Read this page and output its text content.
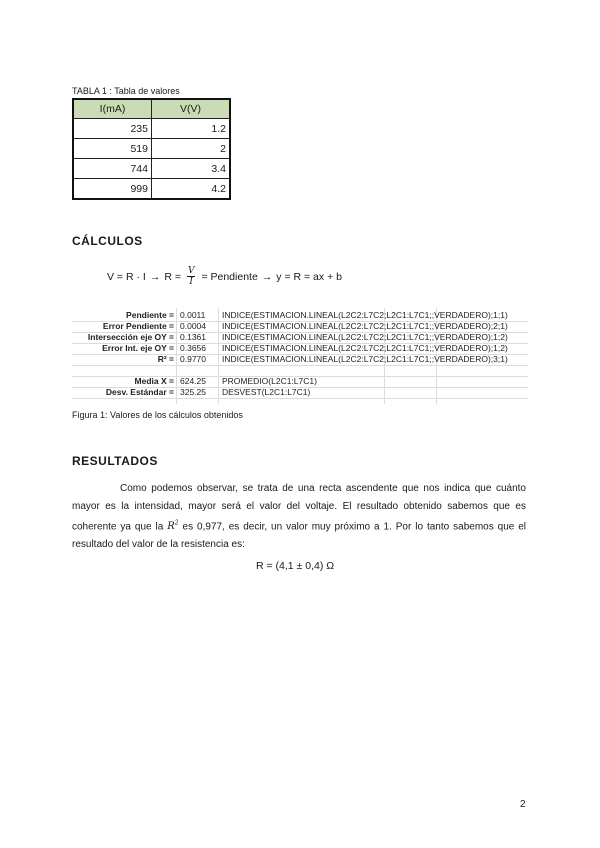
TABLA 1 : Tabla de valores
I(mA)	V(V)
235	1.2
519	2
744	3.4
999	4.2
CÁLCULOS
$V = R \cdot I \to R = \frac{V}{I}$ = Pendiente → y = R = ax + b
Pendiente = 0.0011 INDICE(ESTIMACION.LINEAL(L2C2:L7C2;L2C1:L7C1;;VERDADERO);1;1)
Error Pendiente = 0.0004 INDICE(ESTIMACION.LINEAL(L2C2:L7C2;L2C1:L7C1;;VERDADERO);2;1)
Intersección eje OY = 0.1361 INDICE(ESTIMACION.LINEAL(L2C2:L7C2;L2C1:L7C1;;VERDADERO);1;2)
Error Int. eje OY = 0.3656 INDICE(ESTIMACION.LINEAL(L2C2:L7C2;L2C1:L7C1;;VERDADERO);1;2)
R² = 0.9770 INDICE(ESTIMACION.LINEAL(L2C2:L7C2;L2C1:L7C1;;VERDADERO);3;1)
Media X = 624.25 PROMEDIO(L2C1:L7C1)
Desv. Estándar = 325.25 DESVEST(L2C1:L7C1)
Figura 1: Valores de los cálculos obtenidos
RESULTADOS

Como podemos observar, se trata de una recta ascendente que nos indica que cuánto mayor es la intensidad, mayor será el valor del voltaje. El resultado obtenido sabemos que es coherente ya que la $R^2$ es 0,977, es decir, un valor muy próximo a 1. Por lo tanto sabemos que el resultado del valor de la resistencia es:

R = (4,1 ± 0,4) Ω
2
